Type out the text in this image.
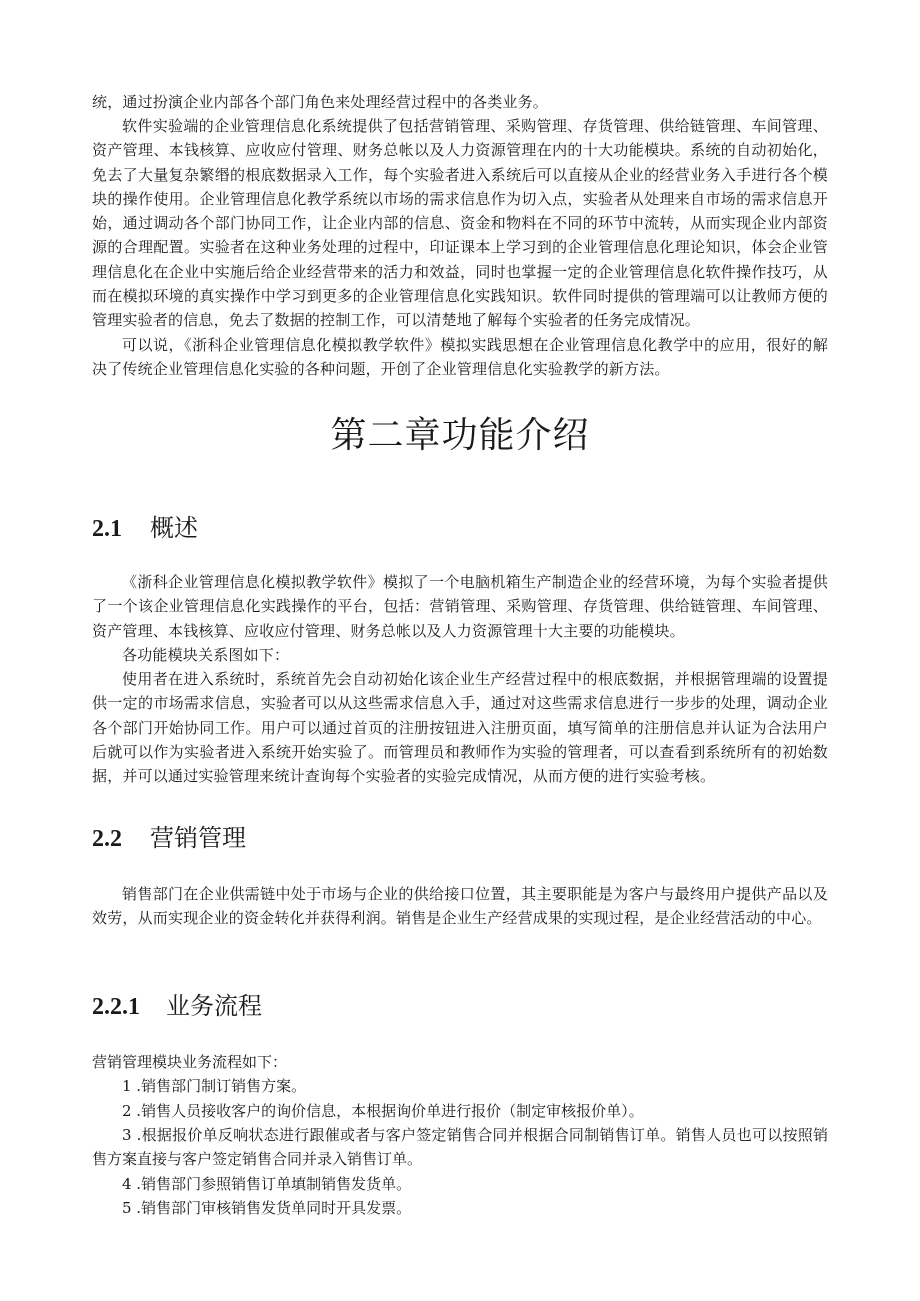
统，通过扮演企业内部各个部门角色来处理经营过程中的各类业务。

软件实验端的企业管理信息化系统提供了包括营销管理、采购管理、存货管理、供给链管理、车间管理、资产管理、本钱核算、应收应付管理、财务总帐以及人力资源管理在内的十大功能模块。系统的自动初始化，免去了大量复杂繁缗的根底数据录入工作，每个实验者进入系统后可以直接从企业的经营业务入手进行各个模块的操作使用。企业管理信息化教学系统以市场的需求信息作为切入点，实验者从处理来自市场的需求信息开始，通过调动各个部门协同工作，让企业内部的信息、资金和物料在不同的环节中流转，从而实现企业内部资源的合理配置。实验者在这种业务处理的过程中，印证课本上学习到的企业管理信息化理论知识，体会企业管理信息化在企业中实施后给企业经营带来的活力和效益，同时也掌握一定的企业管理信息化软件操作技巧，从而在模拟环境的真实操作中学习到更多的企业管理信息化实践知识。软件同时提供的管理端可以让教师方便的管理实验者的信息，免去了数据的控制工作，可以清楚地了解每个实验者的任务完成情况。

可以说，《浙科企业管理信息化模拟教学软件》模拟实践思想在企业管理信息化教学中的应用，很好的解决了传统企业管理信息化实验的各种问题，开创了企业管理信息化实验教学的新方法。

第二章功能介绍
2.1 概述

《浙科企业管理信息化模拟教学软件》模拟了一个电脑机箱生产制造企业的经营环境，为每个实验者提供了一个该企业管理信息化实践操作的平台，包括：营销管理、采购管理、存货管理、供给链管理、车间管理、资产管理、本钱核算、应收应付管理、财务总帐以及人力资源管理十大主要的功能模块。

各功能模块关系图如下：

使用者在进入系统时，系统首先会自动初始化该企业生产经营过程中的根底数据，并根据管理端的设置提供一定的市场需求信息，实验者可以从这些需求信息入手，通过对这些需求信息进行一步步的处理，调动企业各个部门开始协同工作。用户可以通过首页的注册按钮进入注册页面，填写简单的注册信息并认证为合法用户后就可以作为实验者进入系统开始实验了。而管理员和教师作为实验的管理者，可以查看到系统所有的初始数据，并可以通过实验管理来统计查询每个实验者的实验完成情况，从而方便的进行实验考核。

2.2 营销管理

销售部门在企业供需链中处于市场与企业的供给接口位置，其主要职能是为客户与最终用户提供产品以及效劳，从而实现企业的资金转化并获得利润。销售是企业生产经营成果的实现过程，是企业经营活动的中心。

2.2.1 业务流程

营销管理模块业务流程如下：

1 .销售部门制订销售方案。

2 .销售人员接收客户的询价信息，本根据询价单进行报价（制定审核报价单）。

3 .根据报价单反响状态进行跟催或者与客户签定销售合同并根据合同制销售订单。销售人员也可以按照销售方案直接与客户签定销售合同并录入销售订单。

4 .销售部门参照销售订单填制销售发货单。

5 .销售部门审核销售发货单同时开具发票。
